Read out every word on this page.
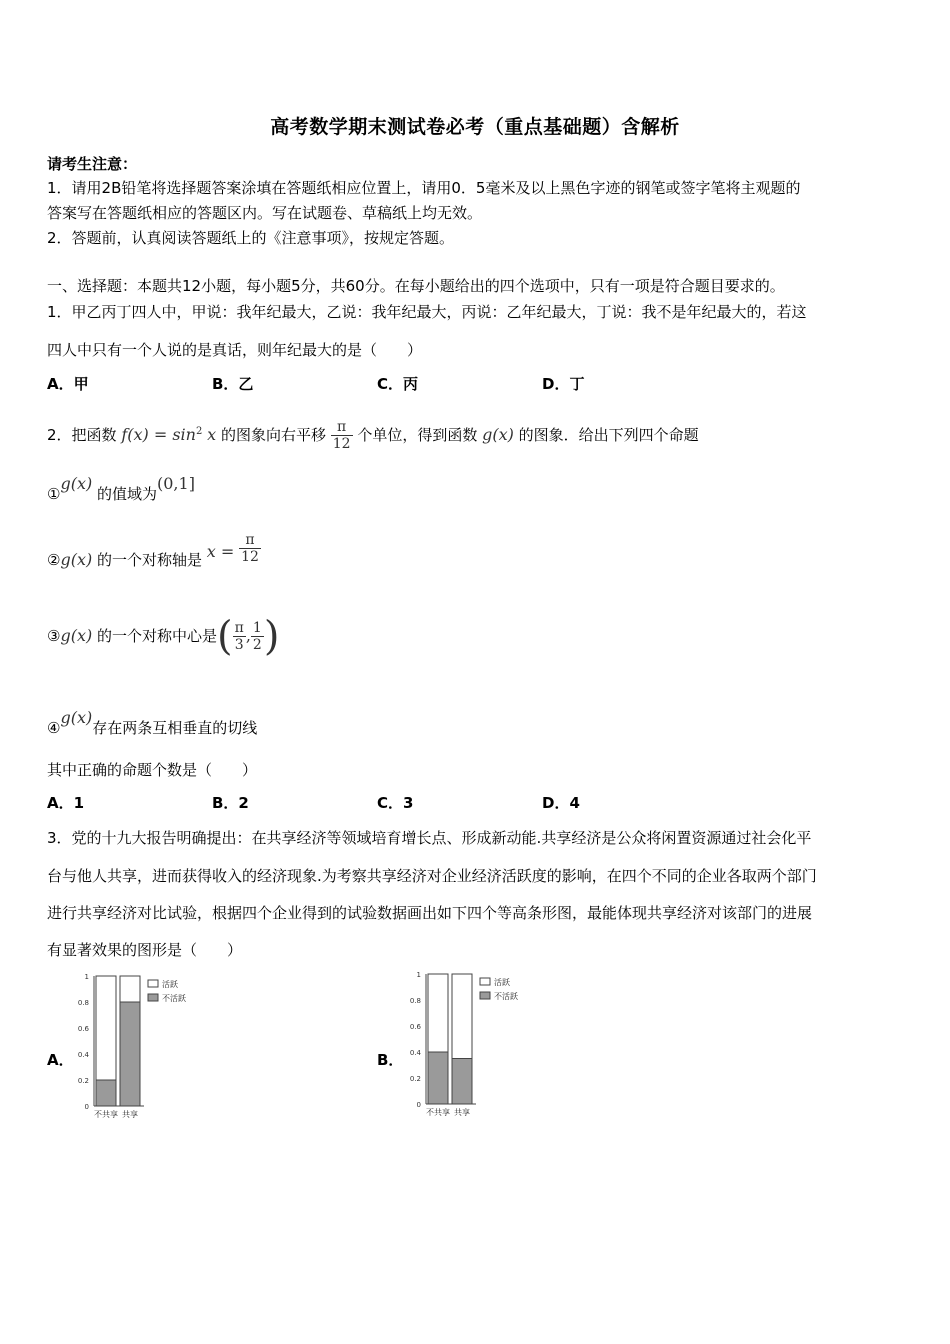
高考数学期末测试卷必考（重点基础题）含解析
请考生注意：
1．请用2B铅笔将选择题答案涂填在答题纸相应位置上，请用0．5毫米及以上黑色字迹的钢笔或签字笔将主观题的
答案写在答题纸相应的答题区内。写在试题卷、草稿纸上均无效。
2．答题前，认真阅读答题纸上的《注意事项》，按规定答题。
一、选择题：本题共12小题，每小题5分，共60分。在每小题给出的四个选项中，只有一项是符合题目要求的。
1．甲乙丙丁四人中，甲说：我年纪最大，乙说：我年纪最大，丙说：乙年纪最大，丁说：我不是年纪最大的，若这
四人中只有一个人说的是真话，则年纪最大的是（　　）
A．甲	B．乙	C．丙	D．丁
2．把函数 $f(x) = \sin^2 x$ 的图象向右平移 $\frac{\pi}{12}$ 个单位，得到函数 g(x) 的图象．给出下列四个命题
①g(x) 的值域为(0,1]
②g(x) 的一个对称轴是 $x = \frac{\pi}{12}$
③g(x) 的一个对称中心是( $\frac{\pi}{3}$ , $\frac{1}{2}$ )
④g(x)存在两条互相垂直的切线
其中正确的命题个数是（　　）
A．1	B．2	C．3	D．4
3．党的十九大报告明确提出：在共享经济等领域培育增长点、形成新动能.共享经济是公众将闲置资源通过社会化平
台与他人共享，进而获得收入的经济现象.为考察共享经济对企业经济活跃度的影响，在四个不同的企业各取两个部门
进行共享经济对比试验，根据四个企业得到的试验数据画出如下四个等高条形图，最能体现共享经济对该部门的进展
有显著效果的图形是（　　）
A．	B．
0
0.2
0.4
0.6
0.8
1
不共享 共享
活跃
不活跃
0
0.2
0.4
0.6
0.8
1
不共享 共享
活跃
不活跃
